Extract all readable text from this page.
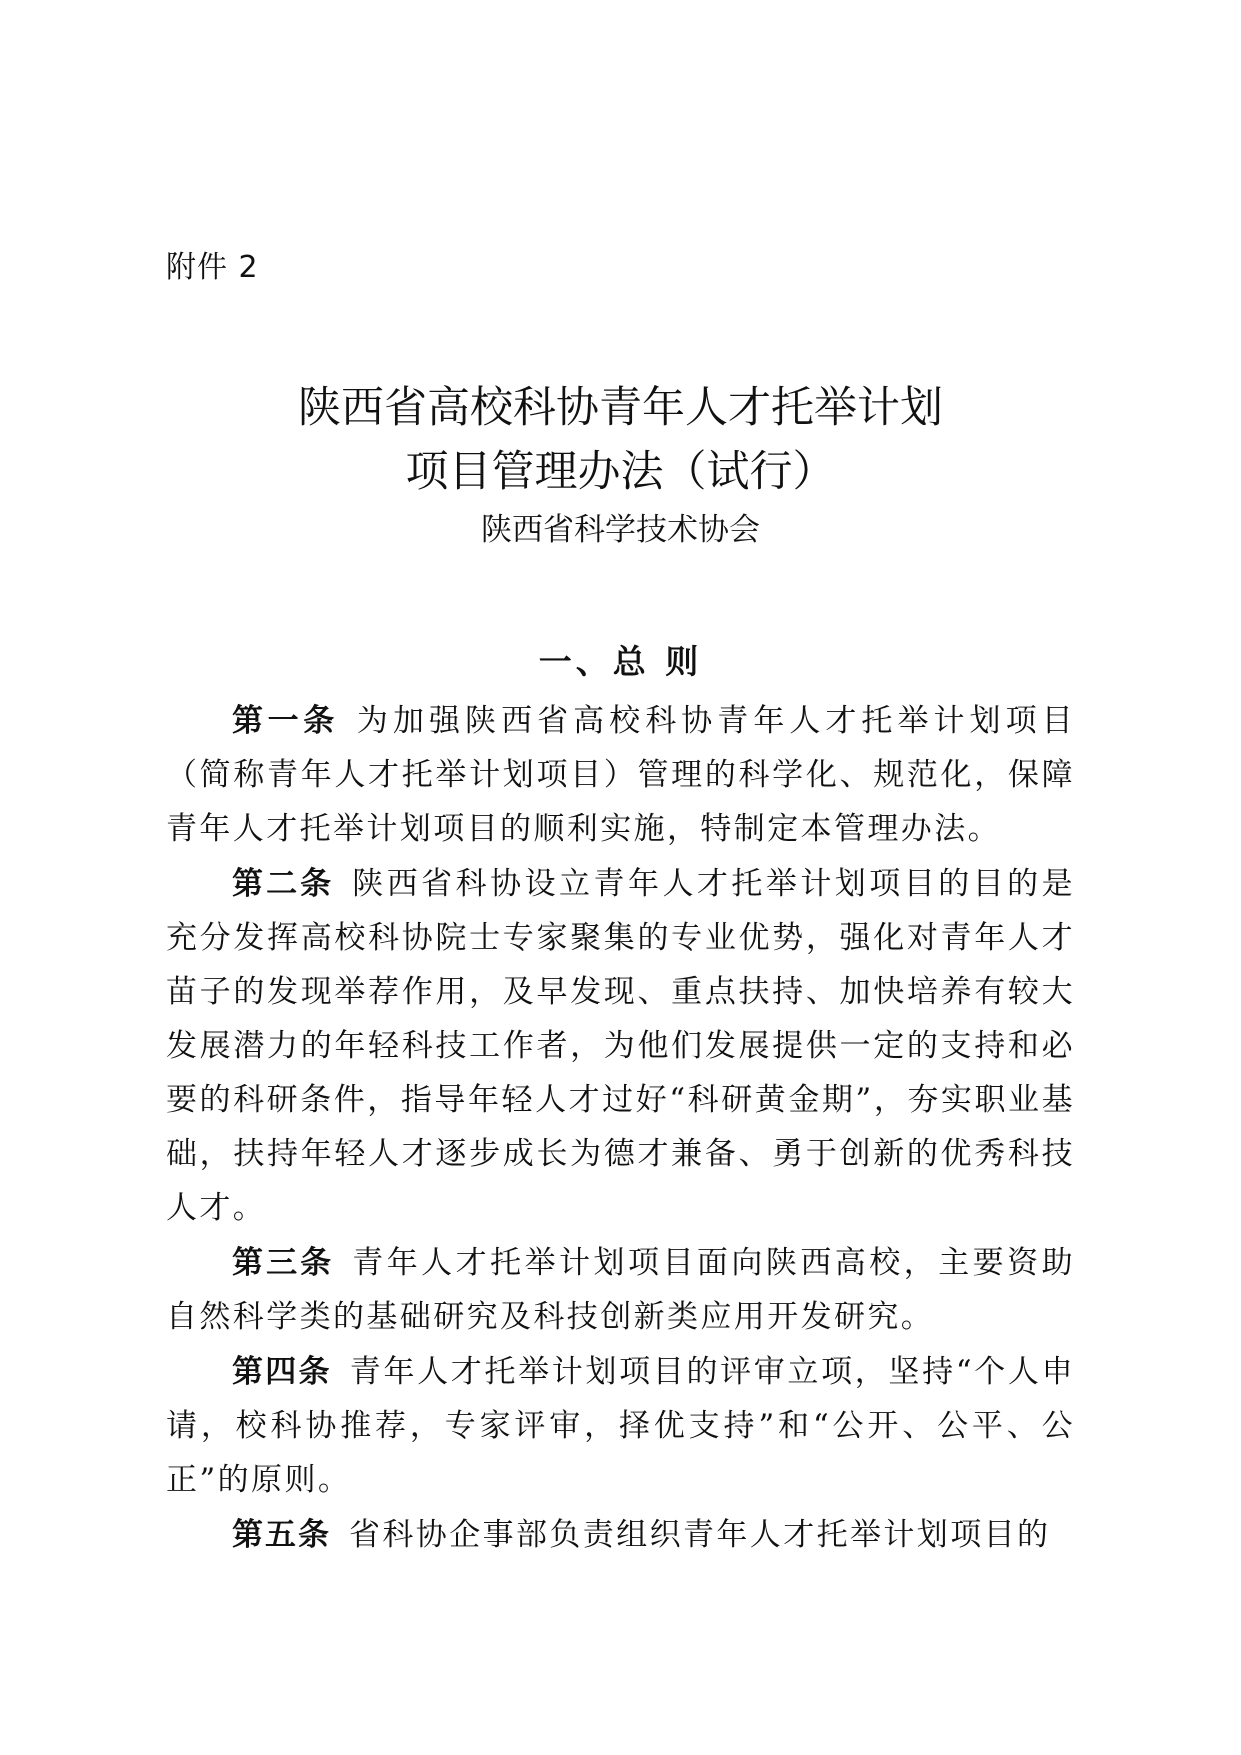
附件 2

陕西省高校科协青年人才托举计划
项目管理办法（试行）
陕西省科学技术协会
一、总 则

第一条 为加强陕西省高校科协青年人才托举计划项目（简称青年人才托举计划项目）管理的科学化、规范化，保障青年人才托举计划项目的顺利实施，特制定本管理办法。

第二条 陕西省科协设立青年人才托举计划项目的目的是充分发挥高校科协院士专家聚集的专业优势，强化对青年人才苗子的发现举荐作用，及早发现、重点扶持、加快培养有较大发展潜力的年轻科技工作者，为他们发展提供一定的支持和必要的科研条件，指导年轻人才过好“科研黄金期”，夯实职业基础，扶持年轻人才逐步成长为德才兼备、勇于创新的优秀科技人才。

第三条 青年人才托举计划项目面向陕西高校，主要资助自然科学类的基础研究及科技创新类应用开发研究。

第四条 青年人才托举计划项目的评审立项，坚持“个人申请，校科协推荐，专家评审，择优支持”和“公开、公平、公正”的原则。

第五条 省科协企事部负责组织青年人才托举计划项目的
